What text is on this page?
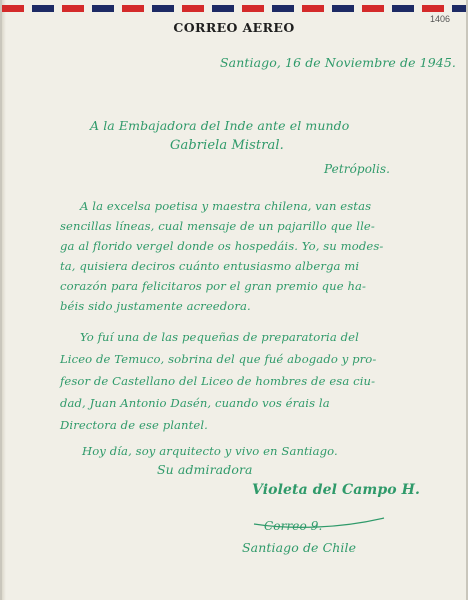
CORREO AEREO
1406
Santiago, 16 de Noviembre de 1945.
A la Embajadora del Inde ante el mundo
Gabriela Mistral.
Petrópolis.
A la excelsa poetisa y maestra chilena, van estas
sencillas líneas, cual mensaje de un pajarillo que lle-
ga al florido vergel donde os hospedáis. Yo, su modes-
ta, quisiera deciros cuánto entusiasmo alberga mi
corazón para felicitaros por el gran premio que ha-
béis sido justamente acreedora.
Yo fuí una de las pequeñas de preparatoria del
Liceo de Temuco, sobrina del que fué abogado y pro-
fesor de Castellano del Liceo de hombres de esa ciu-
dad, Juan Antonio Dasén, cuando vos érais la
Directora de ese plantel.
Hoy día, soy arquitecto y vivo en Santiago.
Su admiradora
Violeta del Campo H.
Correo 9.
Santiago de Chile
